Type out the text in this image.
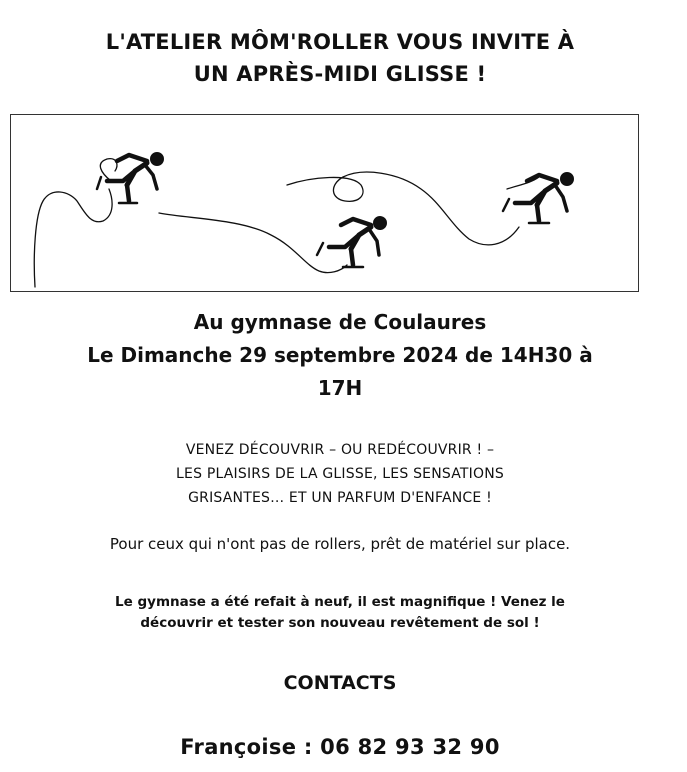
L'ATELIER MÔM'ROLLER VOUS INVITE À
UN APRÈS-MIDI GLISSE !
Au gymnase de Coulaures
Le Dimanche 29 septembre 2024 de 14H30 à
17H
VENEZ DÉCOUVRIR – OU REDÉCOUVRIR ! –
LES PLAISIRS DE LA GLISSE, LES SENSATIONS
GRISANTES… ET UN PARFUM D'ENFANCE !
Pour ceux qui n'ont pas de rollers, prêt de matériel sur place.
Le gymnase a été refait à neuf, il est magnifique ! Venez le
découvrir et tester son nouveau revêtement de sol !
CONTACTS
Françoise : 06 82 93 32 90
